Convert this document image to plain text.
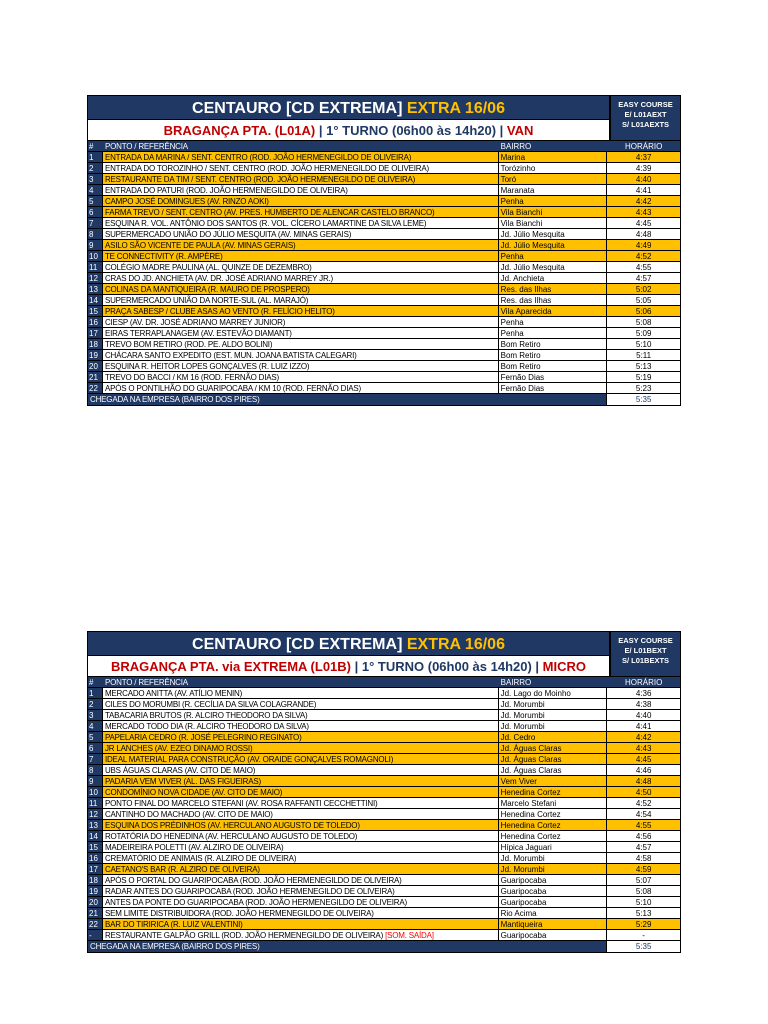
CENTAURO [CD EXTREMA] EXTRA 16/06
BRAGANÇA PTA. (L01A) | 1° TURNO (06h00 às 14h20) | VAN
EASY COURSE
E/ L01AEXT
S/ L01AEXTS
#	PONTO / REFERÊNCIA	BAIRRO	HORÁRIO
1	ENTRADA DA MARINA / SENT. CENTRO (ROD. JOÃO HERMENEGILDO DE OLIVEIRA)	Marina	4:37
2	ENTRADA DO TOROZINHO / SENT. CENTRO (ROD. JOÃO HERMENEGILDO DE OLIVEIRA)	Torózinho	4:39
3	RESTAURANTE DA TIM / SENT. CENTRO (ROD. JOÃO HERMENEGILDO DE OLIVEIRA)	Toró	4:40
4	ENTRADA DO PATURI (ROD. JOÃO HERMENEGILDO DE OLIVEIRA)	Maranata	4:41
5	CAMPO JOSÉ DOMINGUES (AV. RINZO AOKI)	Penha	4:42
6	FARMA TREVO / SENT. CENTRO (AV. PRES. HUMBERTO DE ALENCAR CASTELO BRANCO)	Vila Bianchi	4:43
7	ESQUINA R. VOL. ANTÔNIO DOS SANTOS (R. VOL. CÍCERO LAMARTINE DA SILVA LEME)	Vila Bianchi	4:45
8	SUPERMERCADO UNIÃO DO JÚLIO MESQUITA (AV. MINAS GERAIS)	Jd. Júlio Mesquita	4:48
9	ASILO SÃO VICENTE DE PAULA (AV. MINAS GERAIS)	Jd. Júlio Mesquita	4:49
10 TE CONNECTIVITY (R. AMPÈRE)	Penha	4:52
11 COLÉGIO MADRE PAULINA (AL. QUINZE DE DEZEMBRO)	Jd. Júlio Mesquita	4:55
12 CRAS DO JD. ANCHIETA (AV. DR. JOSÉ ADRIANO MARREY JR.)	Jd. Anchieta	4:57
13 COLINAS DA MANTIQUEIRA (R. MAURO DE PROSPERO)	Res. das Ilhas	5:02
14 SUPERMERCADO UNIÃO DA NORTE-SUL (AL. MARAJÓ)	Res. das Ilhas	5:05
15 PRAÇA SABESP / CLUBE ASAS AO VENTO (R. FELÍCIO HELITO)	Vila Aparecida	5:06
16 CIESP (AV. DR. JOSÉ ADRIANO MARREY JUNIOR)	Penha	5:08
17 EIRAS TERRAPLANAGEM (AV. ESTEVÃO DIAMANT)	Penha	5:09
18 TREVO BOM RETIRO (ROD. PE. ALDO BOLINI)	Bom Retiro	5:10
19 CHÁCARA SANTO EXPEDITO (EST. MUN. JOANA BATISTA CALEGARI)	Bom Retiro	5:11
20 ESQUINA R. HEITOR LOPES GONÇALVES (R. LUIZ IZZO)	Bom Retiro	5:13
21 TREVO DO BACCI / KM 16 (ROD. FERNÃO DIAS)	Fernão Dias	5:19
22 APÓS O PONTILHÃO DO GUARIPOCABA / KM 10 (ROD. FERNÃO DIAS)	Fernão Dias	5:23
CHEGADA NA EMPRESA (BAIRRO DOS PIRES)	5:35
CENTAURO [CD EXTREMA] EXTRA 16/06
BRAGANÇA PTA. via EXTREMA (L01B) | 1° TURNO (06h00 às 14h20) | MICRO
EASY COURSE
E/ L01BEXT
S/ L01BEXTS
#	PONTO / REFERÊNCIA	BAIRRO	HORÁRIO
1	MERCADO ANITTA (AV. ATÍLIO MENIN)	Jd. Lago do Moinho	4:36
2	CILES DO MORUMBI (R. CECÍLIA DA SILVA COLAGRANDE)	Jd. Morumbi	4:38
3	TABACARIA BRUTOS (R. ALCIRO THEODORO DA SILVA)	Jd. Morumbi	4:40
4	MERCADO TODO DIA (R. ALCIRO THEODORO DA SILVA)	Jd. Morumbi	4:41
5	PAPELARIA CEDRO (R. JOSÉ PELEGRINO REGINATO)	Jd. Cedro	4:42
6	JR LANCHES (AV. EZEO DINAMO ROSSI)	Jd. Águas Claras	4:43
7	IDEAL MATERIAL PARA CONSTRUÇÃO (AV. ORAIDE GONÇALVES ROMAGNOLI)	Jd. Águas Claras	4:45
8	UBS ÁGUAS CLARAS (AV. CITO DE MAIO)	Jd. Águas Claras	4:46
9	PADARIA VEM VIVER (AL. DAS FIGUEIRAS)	Vem Viver	4:48
10 CONDOMÍNIO NOVA CIDADE (AV. CITO DE MAIO)	Henedina Cortez	4:50
11 PONTO FINAL DO MARCELO STEFANI (AV. ROSA RAFFANTI CECCHETTINI)	Marcelo Stefani	4:52
12 CANTINHO DO MACHADO (AV. CITO DE MAIO)	Henedina Cortez	4:54
13 ESQUINA DOS PRÉDINHOS (AV. HERCULANO AUGUSTO DE TOLEDO)	Henedina Cortez	4:55
14 ROTATÓRIA DO HENEDINA (AV. HERCULANO AUGUSTO DE TOLEDO)	Henedina Cortez	4:56
15 MADEIREIRA POLETTI (AV. ALZIRO DE OLIVEIRA)	Hípica Jaguari	4:57
16 CREMATÓRIO DE ANIMAIS (R. ALZIRO DE OLIVEIRA)	Jd. Morumbi	4:58
17 CAETANO'S BAR (R. ALZIRO DE OLIVEIRA)	Jd. Morumbi	4:59
18 APÓS O PORTAL DO GUARIPOCABA (ROD. JOÃO HERMENEGILDO DE OLIVEIRA)	Guaripocaba	5:07
19 RADAR ANTES DO GUARIPOCABA (ROD. JOÃO HERMENEGILDO DE OLIVEIRA)	Guaripocaba	5:08
20 ANTES DA PONTE DO GUARIPOCABA (ROD. JOÃO HERMENEGILDO DE OLIVEIRA)	Guaripocaba	5:10
21 SEM LIMITE DISTRIBUIDORA (ROD. JOÃO HERMENEGILDO DE OLIVEIRA)	Rio Acima	5:13
22 BAR DO TIRIRICA (R. LUIZ VALENTINI)	Mantiqueira	5:29
-	RESTAURANTE GALPÃO GRILL (ROD. JOÃO HERMENEGILDO DE OLIVEIRA) [SOM. SAÍDA]	Guaripocaba	-
CHEGADA NA EMPRESA (BAIRRO DOS PIRES)	5:35
